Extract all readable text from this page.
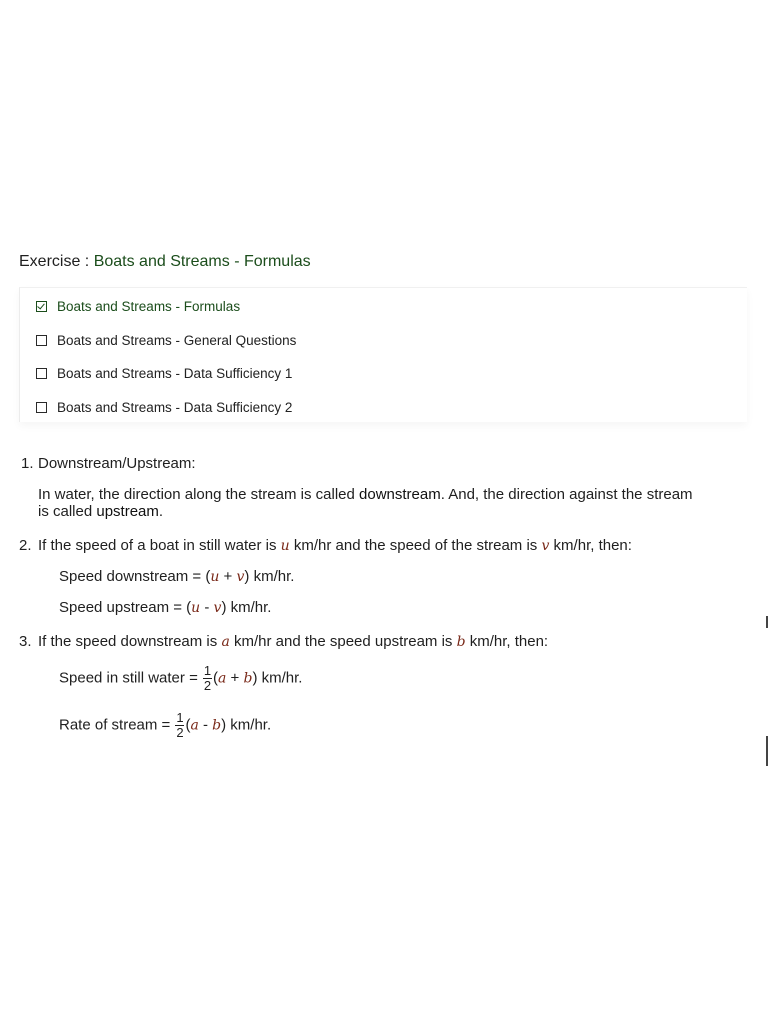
Exercise : Boats and Streams - Formulas
Boats and Streams - Formulas
Boats and Streams - General Questions
Boats and Streams - Data Sufficiency 1
Boats and Streams - Data Sufficiency 2
1. Downstream/Upstream:
In water, the direction along the stream is called downstream. And, the direction against the stream
is called upstream.
2. If the speed of a boat in still water is u km/hr and the speed of the stream is v km/hr, then:
Speed downstream = (u + v) km/hr.
Speed upstream = (u - v) km/hr.
3. If the speed downstream is a km/hr and the speed upstream is b km/hr, then:
Speed in still water = $\frac{1}{2} (a + b)$ km/hr.
Rate of stream = $\frac{1}{2} (a - b)$ km/hr.
